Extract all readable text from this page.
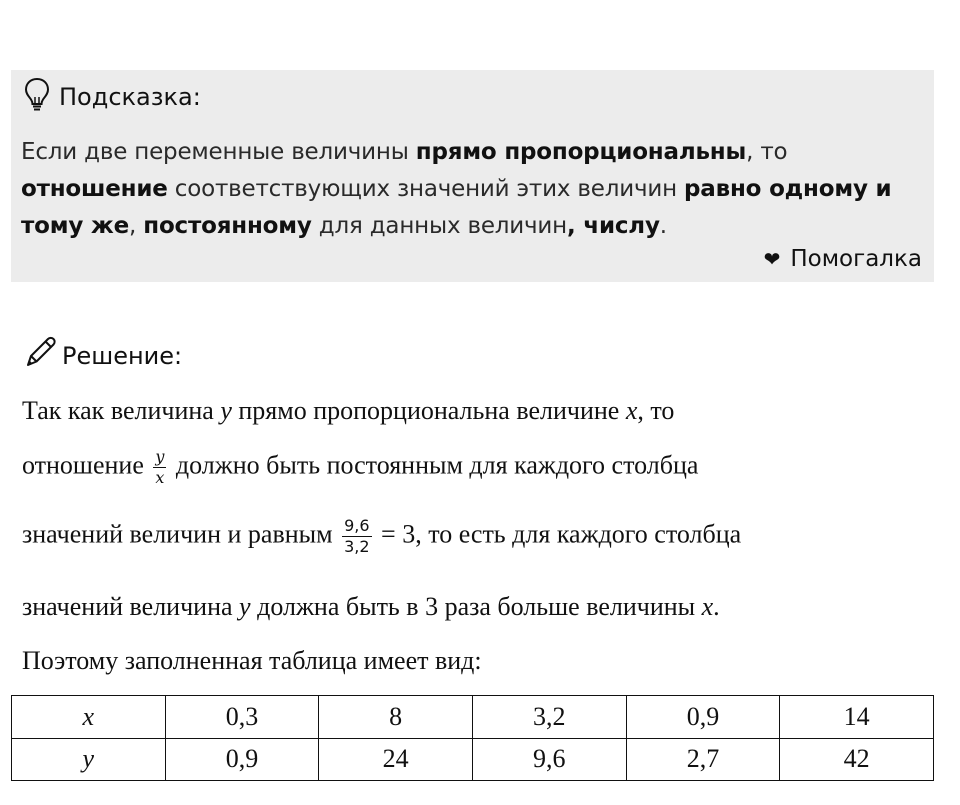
Подсказка:
Если две переменные величины прямо пропорциональны, то отношение соответствующих значений этих величин равно одному и тому же, постоянному для данных величин, числу.
❤ Помогалка
Решение:
Так как величина y прямо пропорциональна величине x, то
отношение $\frac{y}{x}$ должно быть постоянным для каждого столбца
значений величин и равным $\frac{9,6}{3,2} = 3$, то есть для каждого столбца
значений величина y должна быть в 3 раза больше величины x.
Поэтому заполненная таблица имеет вид:
x	0,3	8	3,2	0,9	14
y	0,9	24	9,6	2,7	42
